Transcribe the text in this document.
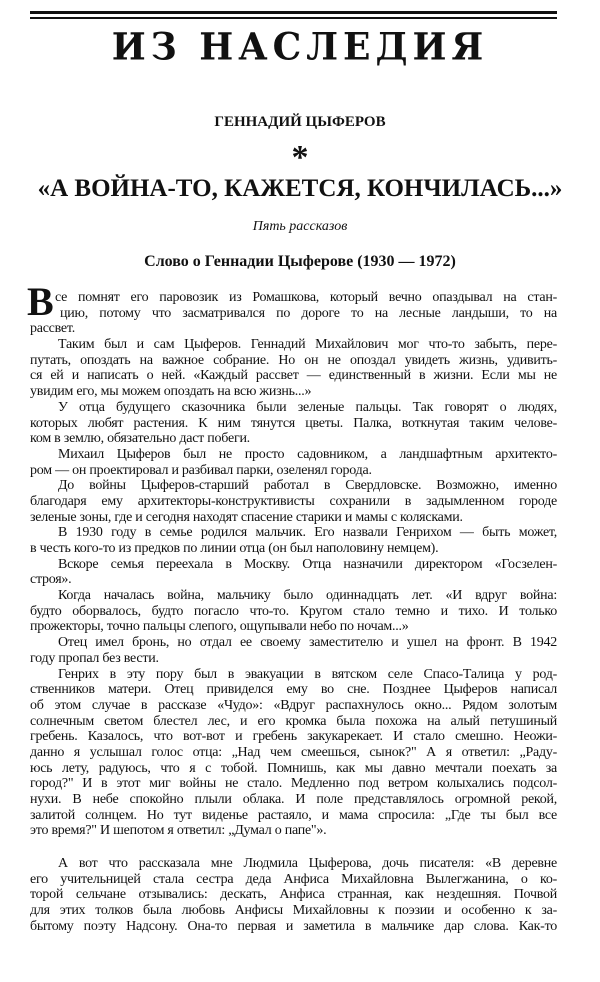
ИЗ НАСЛЕДИЯ
ГЕННАДИЙ ЦЫФЕРОВ
*
«А ВОЙНА-ТО, КАЖЕТСЯ, КОНЧИЛАСЬ...»
Пять рассказов
Слово о Геннадии Цыферове (1930 — 1972)
В се помнят его паровозик из Ромашкова, который вечно опаздывал на стан-
цию, потому что засматривался по дороге то на лесные ландыши, то на
рассвет.
Таким был и сам Цыферов. Геннадий Михайлович мог что-то забыть, пере-
путать, опоздать на важное собрание. Но он не опоздал увидеть жизнь, удивить-
ся ей и написать о ней. «Каждый рассвет — единственный в жизни. Если мы не
увидим его, мы можем опоздать на всю жизнь...»
У отца будущего сказочника были зеленые пальцы. Так говорят о людях,
которых любят растения. К ним тянутся цветы. Палка, воткнутая таким челове-
ком в землю, обязательно даст побеги.
Михаил Цыферов был не просто садовником, а ландшафтным архитекто-
ром — он проектировал и разбивал парки, озеленял города.
До войны Цыферов-старший работал в Свердловске. Возможно, именно
благодаря ему архитекторы-конструктивисты сохранили в задымленном городе
зеленые зоны, где и сегодня находят спасение старики и мамы с колясками.
В 1930 году в семье родился мальчик. Его назвали Генрихом — быть может,
в честь кого-то из предков по линии отца (он был наполовину немцем).
Вскоре семья переехала в Москву. Отца назначили директором «Госзелен-
строя».
Когда началась война, мальчику было одиннадцать лет. «И вдруг война:
будто оборвалось, будто погасло что-то. Кругом стало темно и тихо. И только
прожекторы, точно пальцы слепого, ощупывали небо по ночам...»
Отец имел бронь, но отдал ее своему заместителю и ушел на фронт. В 1942
году пропал без вести.
Генрих в эту пору был в эвакуации в вятском селе Спасо-Талица у род-
ственников матери. Отец привиделся ему во сне. Позднее Цыферов написал
об этом случае в рассказе «Чудо»: «Вдруг распахнулось окно... Рядом золотым
солнечным светом блестел лес, и его кромка была похожа на алый петушиный
гребень. Казалось, что вот-вот и гребень закукарекает. И стало смешно. Неожи-
данно я услышал голос отца: „Над чем смеешься, сынок?" А я ответил: „Раду-
юсь лету, радуюсь, что я с тобой. Помнишь, как мы давно мечтали поехать за
город?" И в этот миг войны не стало. Медленно под ветром колыхались подсол-
нухи. В небе спокойно плыли облака. И поле представлялось огромной рекой,
залитой солнцем. Но тут виденье растаяло, и мама спросила: „Где ты был все
это время?" И шепотом я ответил: „Думал о папе"».
А вот что рассказала мне Людмила Цыферова, дочь писателя: «В деревне
его учительницей стала сестра деда Анфиса Михайловна Вылегжанина, о ко-
торой сельчане отзывались: дескать, Анфиса странная, как нездешняя. Почвой
для этих толков была любовь Анфисы Михайловны к поэзии и особенно к за-
бытому поэту Надсону. Она-то первая и заметила в мальчике дар слова. Как-то
